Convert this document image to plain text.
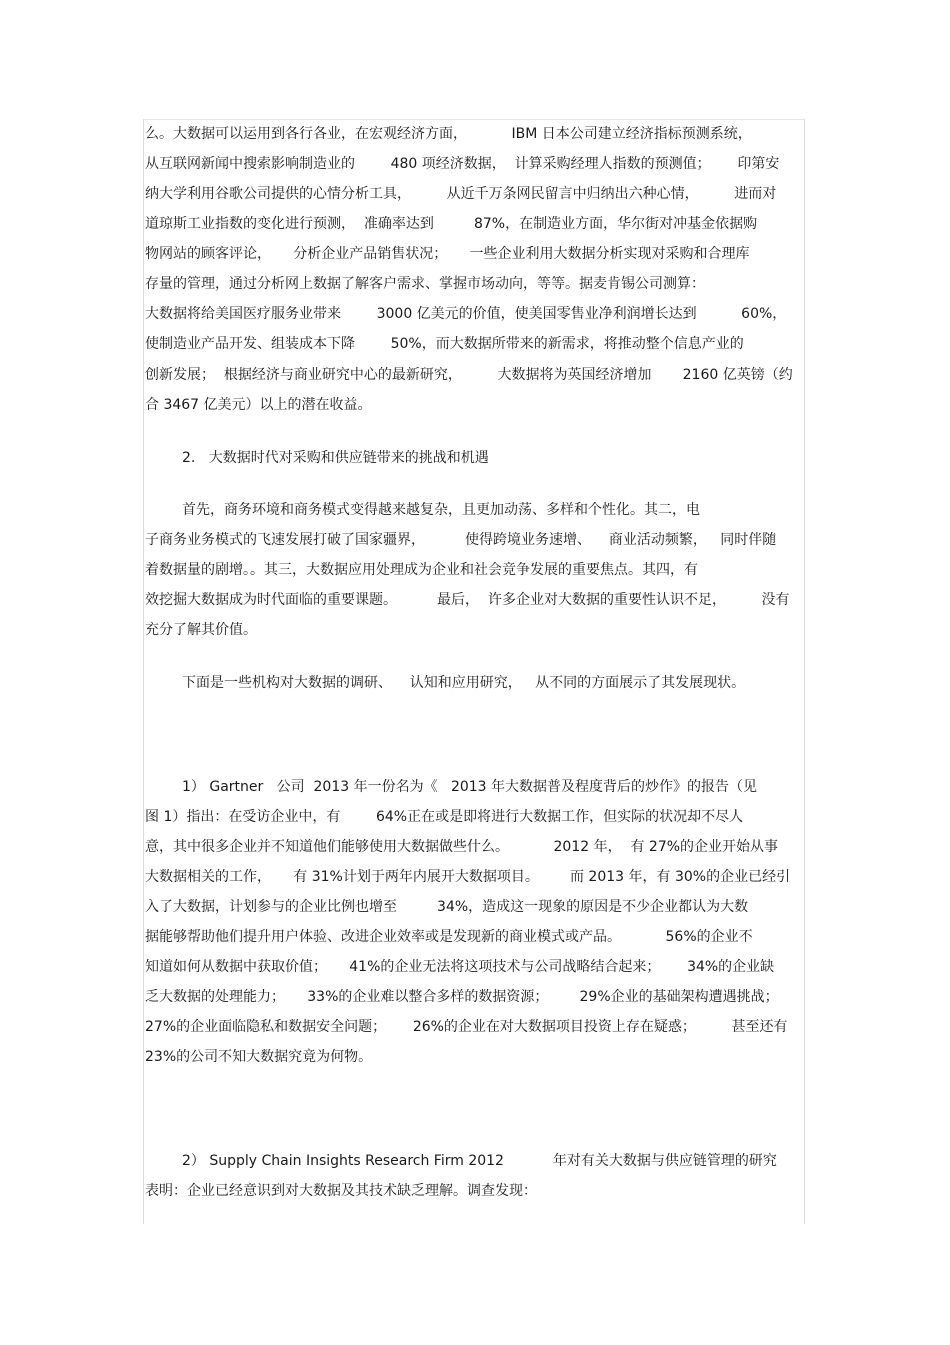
么。大数据可以运用到各行各业，在宏观经济方面，          IBM 日本公司建立经济指标预测系统，
从互联网新闻中搜索影响制造业的        480 项经济数据，  计算采购经理人指数的预测值；      印第安
纳大学利用谷歌公司提供的心情分析工具，        从近千万条网民留言中归纳出六种心情，        进而对
道琼斯工业指数的变化进行预测，  准确率达到         87%，在制造业方面，华尔街对冲基金依据购
物网站的顾客评论，     分析企业产品销售状况；     一些企业利用大数据分析实现对采购和合理库
存量的管理，通过分析网上数据了解客户需求、掌握市场动向，等等。据麦肯锡公司测算：
大数据将给美国医疗服务业带来        3000 亿美元的价值，使美国零售业净利润增长达到          60%，
使制造业产品开发、组装成本下降        50%，而大数据所带来的新需求，将推动整个信息产业的
创新发展；  根据经济与商业研究中心的最新研究，        大数据将为英国经济增加       2160 亿英镑（约
合 3467 亿美元）以上的潜在收益。
2.   大数据时代对采购和供应链带来的挑战和机遇
首先，商务环境和商务模式变得越来越复杂，且更加动荡、多样和个性化。其二，电
子商务业务模式的飞速发展打破了国家疆界，         使得跨境业务速增、    商业活动频繁，   同时伴随
着数据量的剧增。。其三，大数据应用处理成为企业和社会竞争发展的重要焦点。其四，有
效挖掘大数据成为时代面临的重要课题。         最后，  许多企业对大数据的重要性认识不足，        没有
充分了解其价值。
下面是一些机构对大数据的调研、    认知和应用研究，   从不同的方面展示了其发展现状。
1） Gartner   公司  2013 年一份名为《   2013 年大数据普及程度背后的炒作》的报告（见
图 1）指出：在受访企业中，有        64%正在或是即将进行大数据工作，但实际的状况却不尽人
意，其中很多企业并不知道他们能够使用大数据做些什么。          2012 年，  有 27%的企业开始从事
大数据相关的工作，     有 31%计划于两年内展开大数据项目。       而 2013 年，有 30%的企业已经引
入了大数据，计划参与的企业比例也增至         34%，造成这一现象的原因是不少企业都认为大数
据能够帮助他们提升用户体验、改进企业效率或是发现新的商业模式或产品。          56%的企业不
知道如何从数据中获取价值；     41%的企业无法将这项技术与公司战略结合起来；      34%的企业缺
乏大数据的处理能力；     33%的企业难以整合多样的数据资源；       29%企业的基础架构遭遇挑战；
27%的企业面临隐私和数据安全问题；      26%的企业在对大数据项目投资上存在疑惑；        甚至还有
23%的公司不知大数据究竟为何物。
2） Supply Chain Insights Research Firm 2012           年对有关大数据与供应链管理的研究
表明：企业已经意识到对大数据及其技术缺乏理解。调查发现：
